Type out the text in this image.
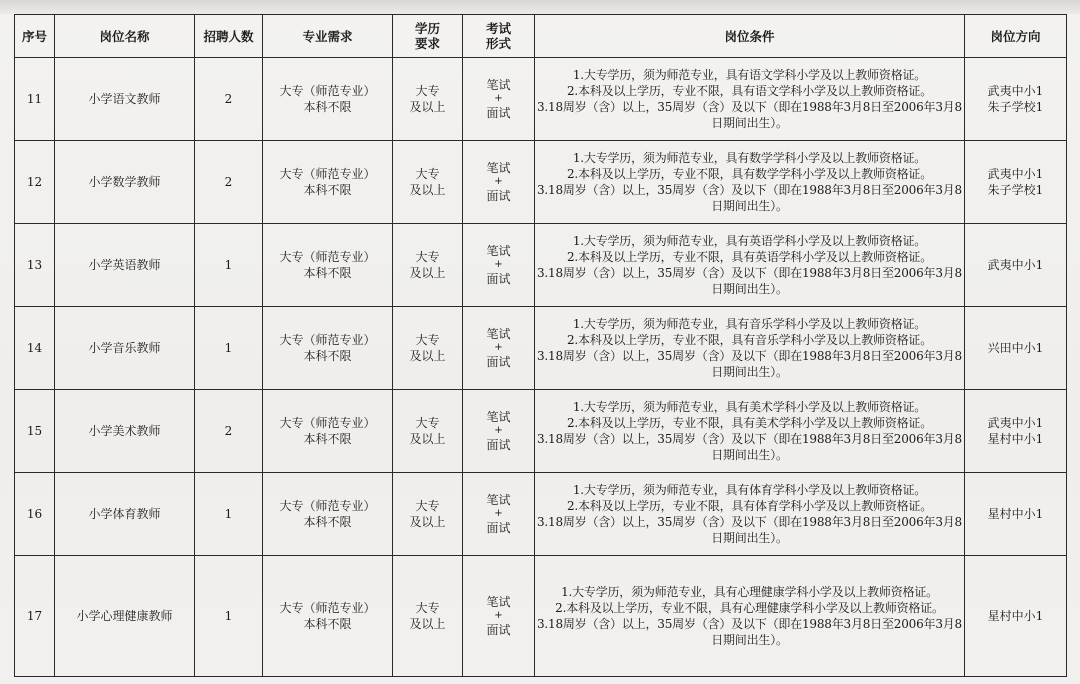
序号	岗位名称	招聘人数	专业需求	学历
要求	考试
形式	岗位条件	岗位方向
11	小学语文教师	2	大专（师范专业）
本科不限	大专
及以上	笔试
+
面试	1.大专学历，须为师范专业，具有语文学科小学及以上教师资格证。
2.本科及以上学历，专业不限，具有语文学科小学及以上教师资格证。
3.18周岁（含）以上，35周岁（含）及以下（即在1988年3月8日至2006年3月8日期间出生）。	武夷中小1
朱子学校1

12	小学数学教师	2	大专（师范专业）
本科不限	大专
及以上	笔试
+
面试	1.大专学历，须为师范专业，具有数学学科小学及以上教师资格证。
2.本科及以上学历，专业不限，具有数学学科小学及以上教师资格证。
3.18周岁（含）以上，35周岁（含）及以下（即在1988年3月8日至2006年3月8日期间出生）。	武夷中小1
朱子学校1

13	小学英语教师	1	大专（师范专业）
本科不限	大专
及以上	笔试
+
面试	1.大专学历，须为师范专业，具有英语学科小学及以上教师资格证。
2.本科及以上学历，专业不限，具有英语学科小学及以上教师资格证。
3.18周岁（含）以上，35周岁（含）及以下（即在1988年3月8日至2006年3月8日期间出生）。	武夷中小1

14	小学音乐教师	1	大专（师范专业）
本科不限	大专
及以上	笔试
+
面试	1.大专学历，须为师范专业，具有音乐学科小学及以上教师资格证。
2.本科及以上学历，专业不限，具有音乐学科小学及以上教师资格证。
3.18周岁（含）以上，35周岁（含）及以下（即在1988年3月8日至2006年3月8日期间出生）。	兴田中小1

15	小学美术教师	2	大专（师范专业）
本科不限	大专
及以上	笔试
+
面试	1.大专学历，须为师范专业，具有美术学科小学及以上教师资格证。
2.本科及以上学历，专业不限，具有美术学科小学及以上教师资格证。
3.18周岁（含）以上，35周岁（含）及以下（即在1988年3月8日至2006年3月8日期间出生）。	武夷中小1
星村中小1

16	小学体育教师	1	大专（师范专业）
本科不限	大专
及以上	笔试
+
面试	1.大专学历，须为师范专业，具有体育学科小学及以上教师资格证。
2.本科及以上学历，专业不限，具有体育学科小学及以上教师资格证。
3.18周岁（含）以上，35周岁（含）及以下（即在1988年3月8日至2006年3月8日期间出生）。	星村中小1

17	小学心理健康教师	1	大专（师范专业）
本科不限	大专
及以上	笔试
+
面试	1.大专学历，须为师范专业，具有心理健康学科小学及以上教师资格证。
2.本科及以上学历，专业不限，具有心理健康学科小学及以上教师资格证。
3.18周岁（含）以上，35周岁（含）及以下（即在1988年3月8日至2006年3月8日期间出生）。	星村中小1
